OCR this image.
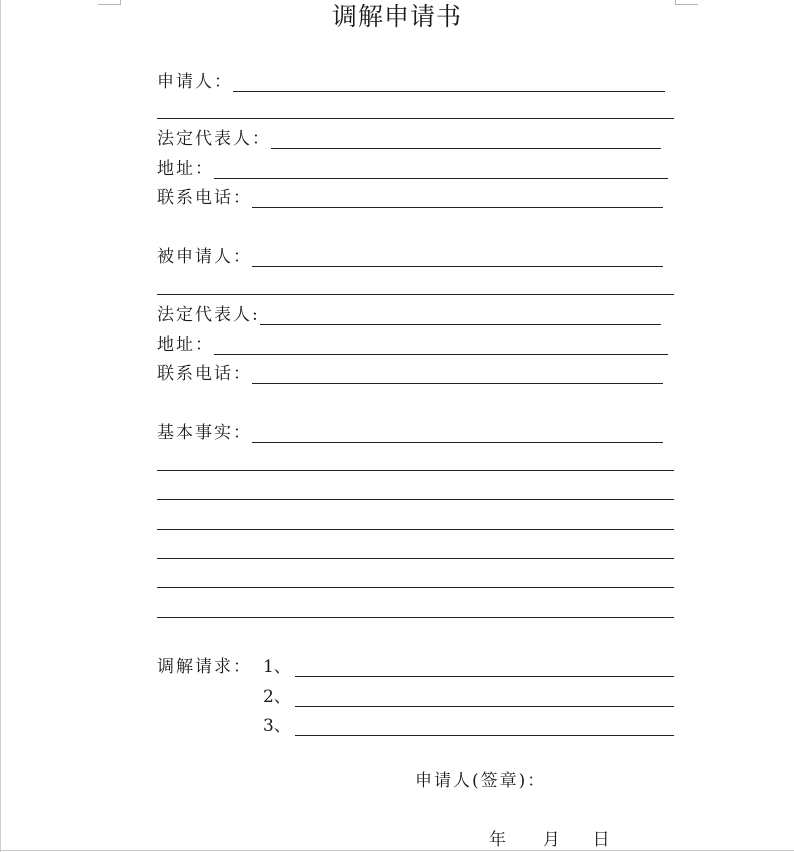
调解申请书
申请人：
法定代表人：
地址：
联系电话：
被申请人：
法定代表人:
地址：
联系电话：
基本事实：
调解请求： 1、
2、
3、
申请人(签章)：
年 月 日
